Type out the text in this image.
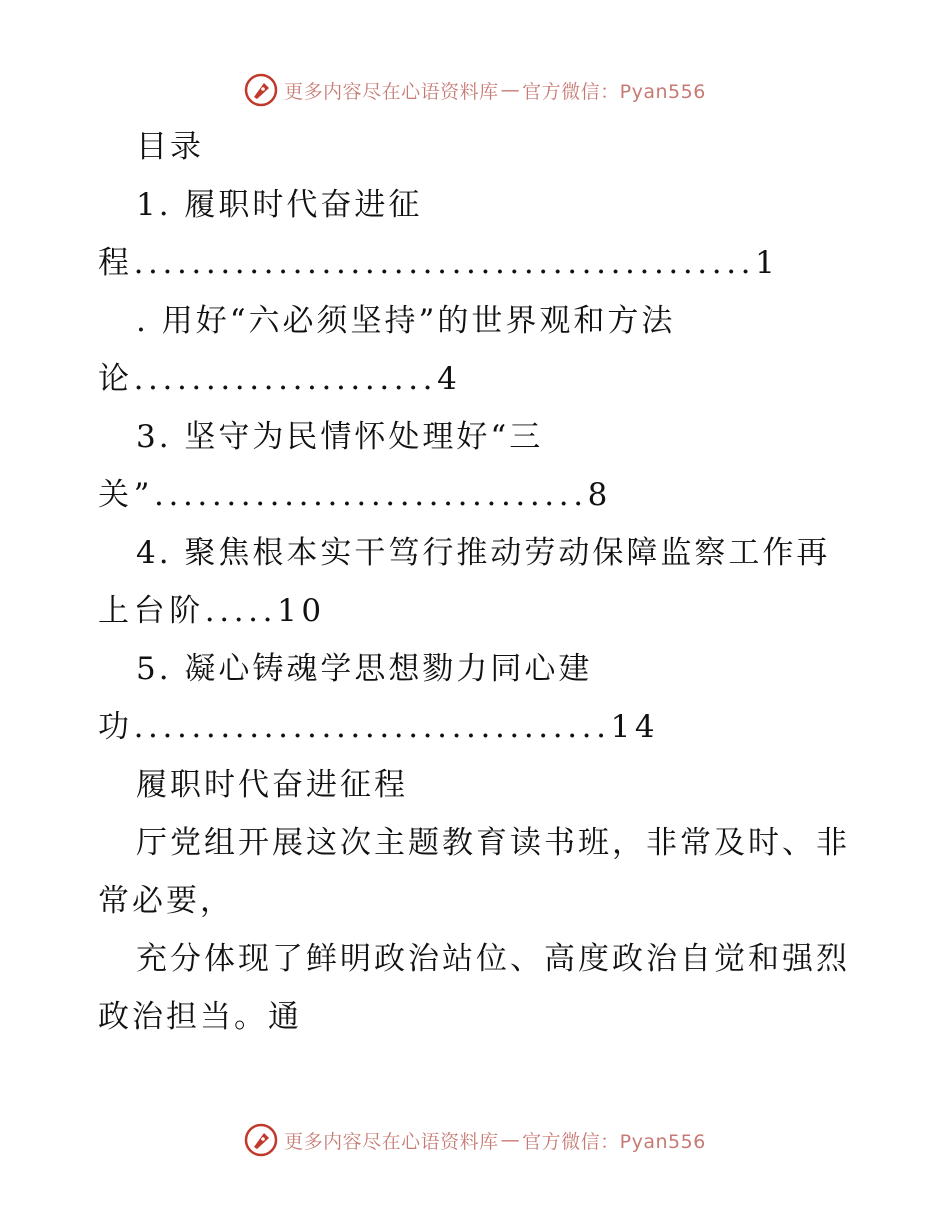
更多内容尽在心语资料库 — 官方微信：Pyan556
目录
1. 履职时代奋进征
程...........................................1
. 用好“六必须坚持”的世界观和方法
论.....................4
3. 坚守为民情怀处理好“三
关”..............................8
4. 聚焦根本实干笃行推动劳动保障监察工作再
上台阶.....10
5. 凝心铸魂学思想勠力同心建
功.................................14
履职时代奋进征程
厅党组开展这次主题教育读书班，非常及时、非
常必要，
充分体现了鲜明政治站位、高度政治自觉和强烈
政治担当。通
更多内容尽在心语资料库 — 官方微信：Pyan556
